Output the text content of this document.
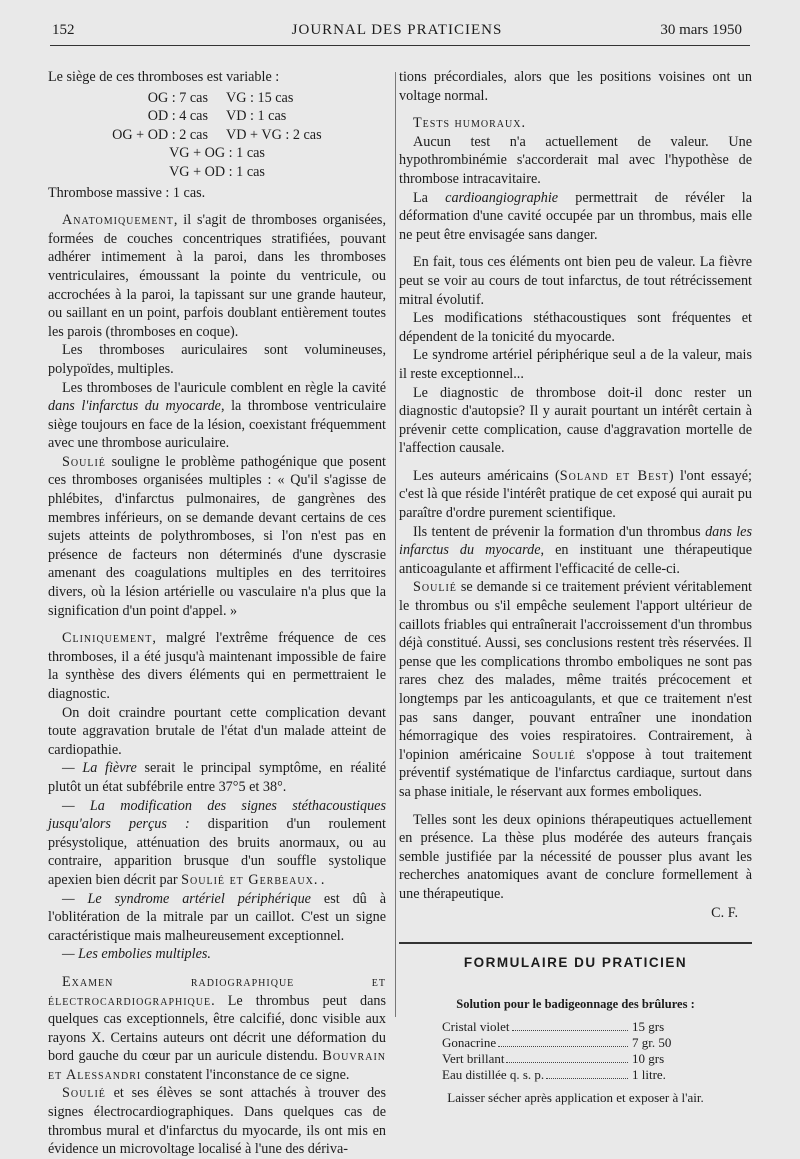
152	JOURNAL DES PRATICIENS	30 mars 1950

Le siège de ces thromboses est variable :

OG : 7 cas	VG : 15 cas
OD : 4 cas	VD : 1 cas
OG + OD : 2 cas	VD + VG : 2 cas
VG + OG : 1 cas
VG + OD : 1 cas

Thrombose massive : 1 cas.

Anatomiquement, il s'agit de thromboses organisées, formées de couches concentriques stratifiées, pouvant adhérer intimement à la paroi, dans les thromboses ventriculaires, émoussant la pointe du ventricule, ou accrochées à la paroi, la tapissant sur une grande hauteur, ou saillant en un point, parfois doublant entièrement toutes les parois (thromboses en coque).

Les thromboses auriculaires sont volumineuses, polypoïdes, multiples.

Les thromboses de l'auricule comblent en règle la cavité dans l'infarctus du myocarde, la thrombose ventriculaire siège toujours en face de la lésion, coexistant fréquemment avec une thrombose auriculaire.

Soulié souligne le problème pathogénique que posent ces thromboses organisées multiples : « Qu'il s'agisse de phlébites, d'infarctus pulmonaires, de gangrènes des membres inférieurs, on se demande devant certains de ces sujets atteints de polythromboses, si l'on n'est pas en présence de facteurs non déterminés d'une dyscrasie amenant des coagulations multiples en des territoires divers, où la lésion artérielle ou vasculaire n'a plus que la signification d'un point d'appel. »

Cliniquement, malgré l'extrême fréquence de ces thromboses, il a été jusqu'à maintenant impossible de faire la synthèse des divers éléments qui en permettraient le diagnostic.

On doit craindre pourtant cette complication devant toute aggravation brutale de l'état d'un malade atteint de cardiopathie.

— La fièvre serait le principal symptôme, en réalité plutôt un état subfébrile entre 37°5 et 38°.

— La modification des signes stéthacoustiques jusqu'alors perçus : disparition d'un roulement présystolique, atténuation des bruits anormaux, ou au contraire, apparition brusque d'un souffle systolique apexien bien décrit par Soulié et Gerbeaux. .

— Le syndrome artériel périphérique est dû à l'oblitération de la mitrale par un caillot. C'est un signe caractéristique mais malheureusement exceptionnel.

— Les embolies multiples.

Examen radiographique et électrocardiographique. Le thrombus peut dans quelques cas exceptionnels, être calcifié, donc visible aux rayons X. Certains auteurs ont décrit une déformation du bord gauche du cœur par un auricule distendu. Bouvrain et Alessandri constatent l'inconstance de ce signe.

Soulié et ses élèves se sont attachés à trouver des signes électrocardiographiques. Dans quelques cas de thrombus mural et d'infarctus du myocarde, ils ont mis en évidence un microvoltage localisé à l'une des dériva-

tions précordiales, alors que les positions voisines ont un voltage normal.

Tests humoraux.

Aucun test n'a actuellement de valeur. Une hypothrombinémie s'accorderait mal avec l'hypothèse de thrombose intracavitaire.

La cardioangiographie permettrait de révéler la déformation d'une cavité occupée par un thrombus, mais elle ne peut être envisagée sans danger.

En fait, tous ces éléments ont bien peu de valeur. La fièvre peut se voir au cours de tout infarctus, de tout rétrécissement mitral évolutif.

Les modifications stéthacoustiques sont fréquentes et dépendent de la tonicité du myocarde.

Le syndrome artériel périphérique seul a de la valeur, mais il reste exceptionnel...

Le diagnostic de thrombose doit-il donc rester un diagnostic d'autopsie? Il y aurait pourtant un intérêt certain à prévenir cette complication, cause d'aggravation mortelle de l'affection causale.

Les auteurs américains (Soland et Best) l'ont essayé; c'est là que réside l'intérêt pratique de cet exposé qui aurait pu paraître d'ordre purement scientifique.

Ils tentent de prévenir la formation d'un thrombus dans les infarctus du myocarde, en instituant une thérapeutique anticoagulante et affirment l'efficacité de celle-ci.

Soulié se demande si ce traitement prévient véritablement le thrombus ou s'il empêche seulement l'apport ultérieur de caillots friables qui entraînerait l'accroissement d'un thrombus déjà constitué. Aussi, ses conclusions restent très réservées. Il pense que les complications thrombo emboliques ne sont pas rares chez des malades, même traités précocement et longtemps par les anticoagulants, et que ce traitement n'est pas sans danger, pouvant entraîner une inondation hémorragique des voies respiratoires. Contrairement, à l'opinion américaine Soulié s'oppose à tout traitement préventif systématique de l'infarctus cardiaque, surtout dans sa phase initiale, le réservant aux formes emboliques.

Telles sont les deux opinions thérapeutiques actuellement en présence. La thèse plus modérée des auteurs français semble justifiée par la nécessité de pousser plus avant les recherches anatomiques avant de conclure formellement à une thérapeutique.

C. F.

FORMULAIRE DU PRATICIEN
Solution pour le badigeonnage des brûlures :
Cristal violet	15 grs
Gonacrine	7 gr. 50
Vert brillant	10 grs
Eau distillée q. s. p.	1 litre.
Laisser sécher après application et exposer à l'air.
